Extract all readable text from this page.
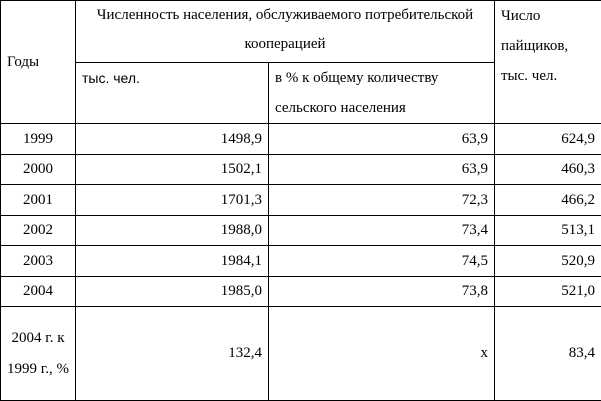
Годы	Численность населения, обслуживаемого потребительской кооперацией		Число пайщиков, тыс. чел.
	тыс. чел.	в % к общему количеству сельского населения	
1999	1498,9	63,9	624,9
2000	1502,1	63,9	460,3
2001	1701,3	72,3	466,2
2002	1988,0	73,4	513,1
2003	1984,1	74,5	520,9
2004	1985,0	73,8	521,0
2004 г. к 1999 г., %	132,4	х	83,4
